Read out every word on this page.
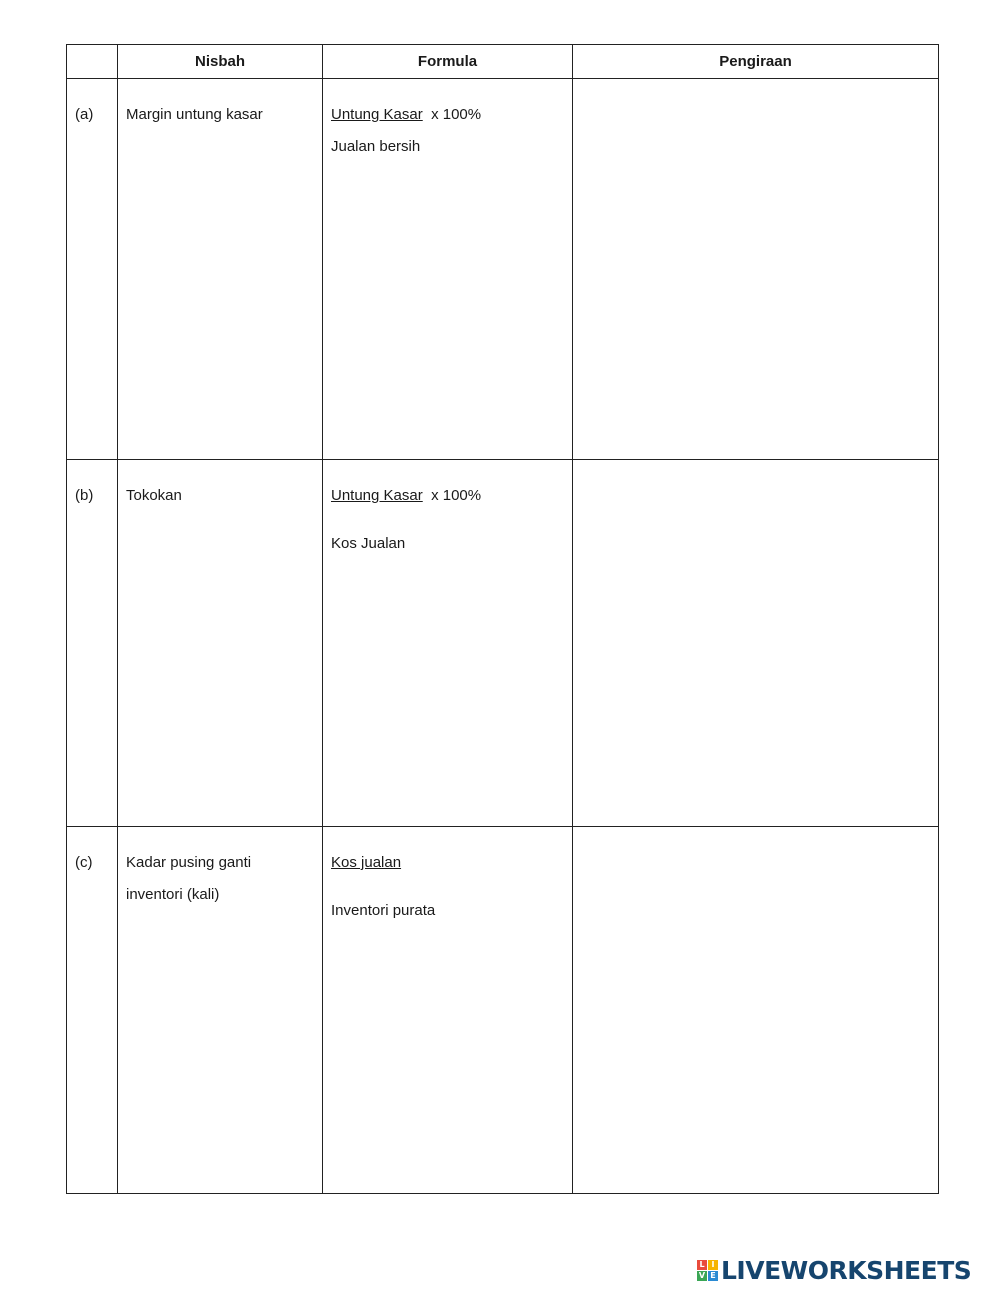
	Nisbah	Formula	Pengiraan

(a)	Margin untung kasar	Untung Kasar  x 100%
Jualan bersih

(b)	Tokokan	Untung Kasar  x 100%
Kos Jualan

(c)	Kadar pusing ganti inventori (kali)	Kos jualan
Inventori purata

L I
V E LIVEWORKSHEETS
